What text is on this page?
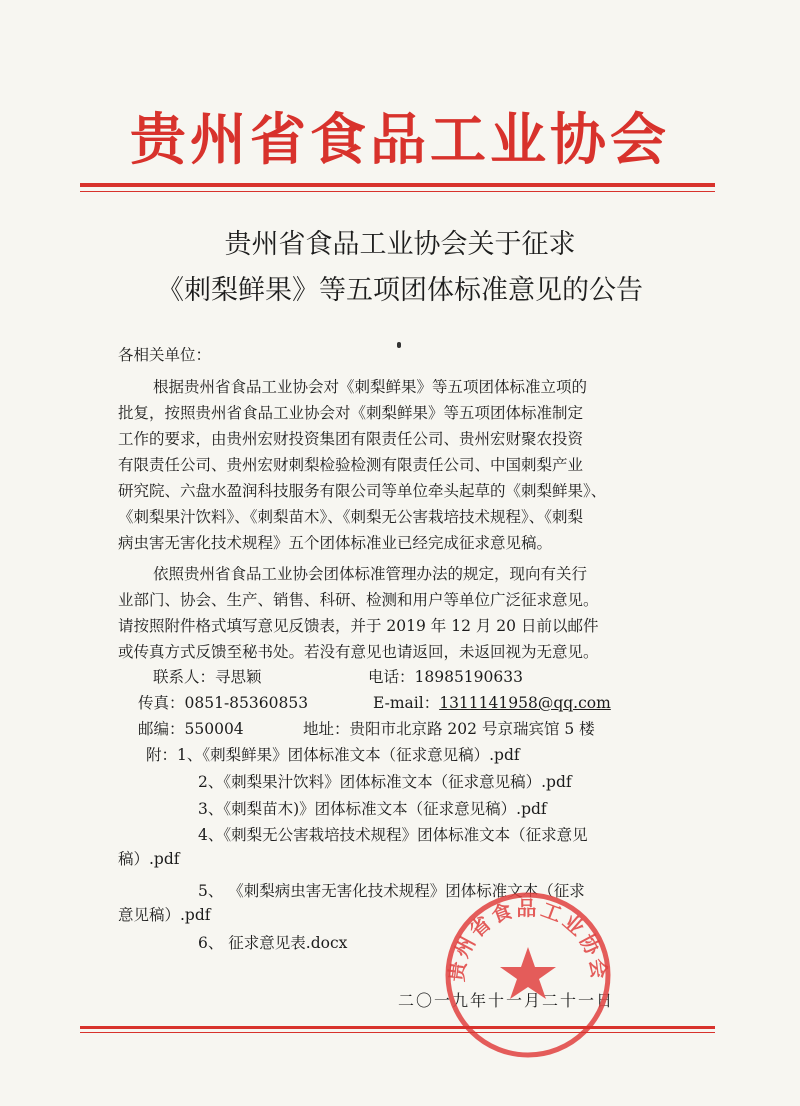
贵州省食品工业协会
贵州省食品工业协会关于征求
《刺梨鲜果》等五项团体标准意见的公告
各相关单位：
根据贵州省食品工业协会对《刺梨鲜果》等五项团体标准立项的
批复，按照贵州省食品工业协会对《刺梨鲜果》等五项团体标准制定
工作的要求，由贵州宏财投资集团有限责任公司、贵州宏财聚农投资
有限责任公司、贵州宏财刺梨检验检测有限责任公司、中国刺梨产业
研究院、六盘水盈润科技服务有限公司等单位牵头起草的《刺梨鲜果》、
《刺梨果汁饮料》、《刺梨苗木》、《刺梨无公害栽培技术规程》、《刺梨
病虫害无害化技术规程》五个团体标准业已经完成征求意见稿。
依照贵州省食品工业协会团体标准管理办法的规定，现向有关行
业部门、协会、生产、销售、科研、检测和用户等单位广泛征求意见。
请按照附件格式填写意见反馈表，并于 2019 年 12 月 20 日前以邮件
或传真方式反馈至秘书处。若没有意见也请返回，未返回视为无意见。
联系人：寻思颖	电话：18985190633
传真：0851-85360853	E-mail：1311141958@qq.com
邮编：550004	地址：贵阳市北京路 202 号京瑞宾馆 5 楼
附：1、《刺梨鲜果》团体标准文本（征求意见稿）.pdf
2、《刺梨果汁饮料》团体标准文本（征求意见稿）.pdf
3、《刺梨苗木)》团体标准文本（征求意见稿）.pdf
4、《刺梨无公害栽培技术规程》团体标准文本（征求意见
稿）.pdf
5、 《刺梨病虫害无害化技术规程》团体标准文本（征求
意见稿）.pdf
6、 征求意见表.docx
二〇一九年十一月二十一日
贵州省食品工业协会
